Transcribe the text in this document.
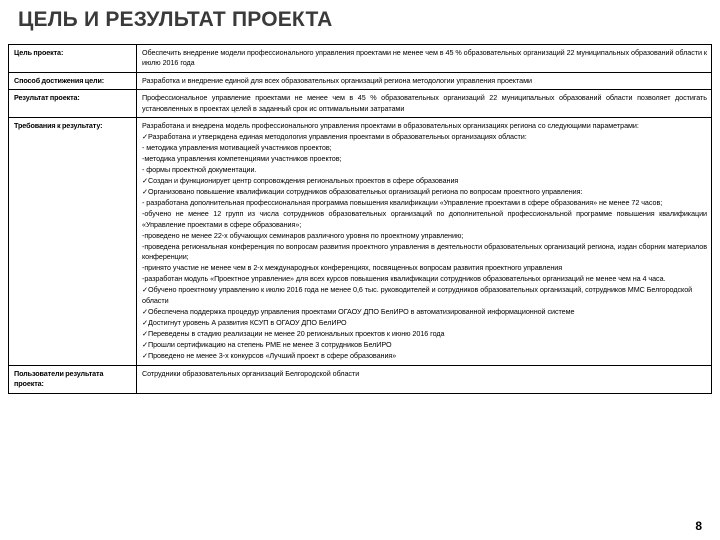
ЦЕЛЬ И РЕЗУЛЬТАТ ПРОЕКТА
Цель проекта:	Обеспечить внедрение модели профессионального управления проектами не менее чем в 45 % образовательных организаций 22 муниципальных образований области к июлю 2016 года

Способ достижения цели:	Разработка и внедрение единой для всех образовательных организаций региона методологии управления проектами

Результат проекта:	Профессиональное управление проектами не менее чем в 45 % образовательных организаций 22 муниципальных образований области позволяет достигать установленных в проектах целей в заданный срок ис оптимальными затратами

Требования к результату:	Разработана и внедрена модель профессионального управления проектами в образовательных организациях региона со следующими параметрами:

✓Разработана и утверждена единая методология управления проектами в образовательных организациях области:

- методика управления мотивацией участников проектов;

-методика управления компетенциями участников проектов;

- формы проектной документации.

✓Создан и функционирует центр сопровождения региональных проектов в сфере образования

✓Организовано повышение квалификации сотрудников образовательных организаций региона по вопросам проектного управления:

- разработана дополнительная профессиональная программа повышения квалификации «Управление проектами в сфере образования» не менее 72 часов;

-обучено не менее 12 групп из числа сотрудников образовательных организаций по дополнительной профессиональной программе повышения квалификации «Управление проектами в сфере образования»;

-проведено не менее 22-х обучающих семинаров различного уровня по проектному управлению;

-проведена региональная конференция по вопросам развития проектного управления в деятельности образовательных организаций региона, издан сборник материалов конференции;

-принято участие не менее чем в 2-х международных конференциях, посвященных вопросам развития проектного управления

-разработан модуль «Проектное управление» для всех курсов повышения квалификации сотрудников образовательных организаций не менее чем на 4 часа.

✓Обучено проектному управлению к июлю 2016 года не менее 0,6 тыс. руководителей и сотрудников образовательных организаций, сотрудников ММС Белгородской области

✓Обеспечена поддержка процедур управления проектами ОГАОУ ДПО БелИРО в автоматизированной информационной системе

✓Достигнут уровень А развития КСУП в ОГАОУ ДПО БелИРО

✓Переведены в стадию реализации не менее 20 региональных проектов к июню 2016 года

✓Прошли сертификацию на степень PME не менее 3 сотрудников БелИРО

✓Проведено не менее 3-х конкурсов «Лучший проект в сфере образования»

Пользователи результата проекта:	Сотрудники образовательных организаций Белгородской области

8
